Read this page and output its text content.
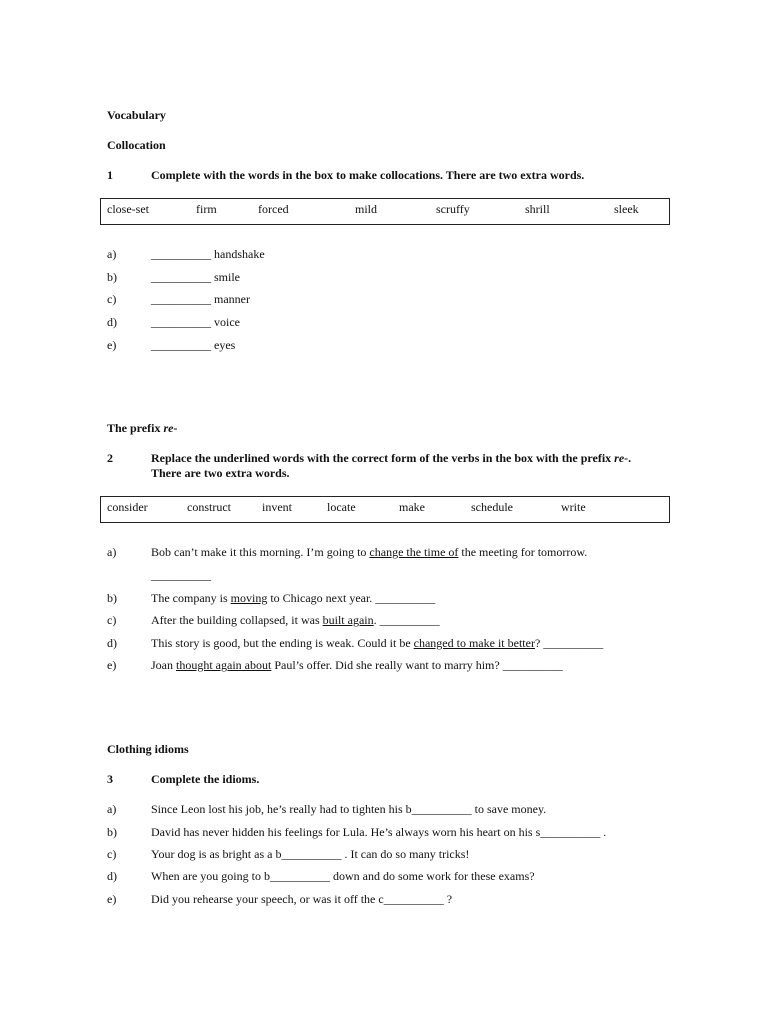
Vocabulary
Collocation
1	Complete with the words in the box to make collocations. There are two extra words.
close-set	firm	forced	mild	scruffy	shrill	sleek
a)	__________ handshake
b)	__________ smile
c)	__________ manner
d)	__________ voice
e)	__________ eyes
The prefix re-
2	Replace the underlined words with the correct form of the verbs in the box with the prefix re-.
There are two extra words.
consider	construct	invent	locate	make	schedule	write
a)	Bob can’t make it this morning. I’m going to change the time of the meeting for tomorrow.
__________
b)	The company is moving to Chicago next year. __________
c)	After the building collapsed, it was built again. __________
d)	This story is good, but the ending is weak. Could it be changed to make it better? __________
e)	Joan thought again about Paul’s offer. Did she really want to marry him? __________
Clothing idioms
3	Complete the idioms.
a)	Since Leon lost his job, he’s really had to tighten his b__________ to save money.
b)	David has never hidden his feelings for Lula. He’s always worn his heart on his s__________ .
c)	Your dog is as bright as a b__________ . It can do so many tricks!
d)	When are you going to b__________ down and do some work for these exams?
e)	Did you rehearse your speech, or was it off the c__________ ?
